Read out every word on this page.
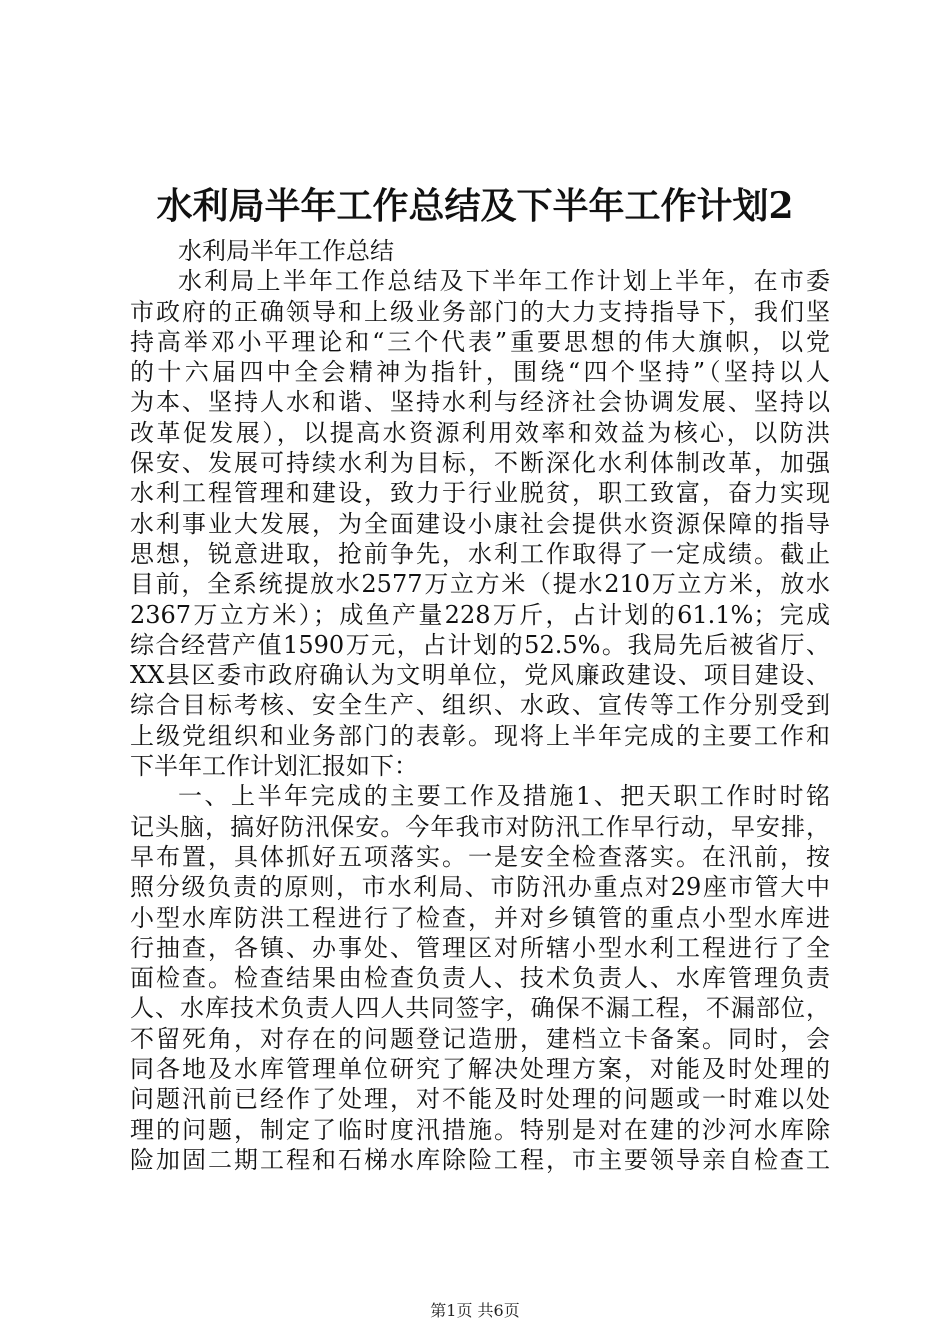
水利局半年工作总结及下半年工作计划2
水利局半年工作总结
水利局上半年工作总结及下半年工作计划上半年，在市委
市政府的正确领导和上级业务部门的大力支持指导下，我们坚
持高举邓小平理论和“三个代表”重要思想的伟大旗帜，以党
的十六届四中全会精神为指针，围绕“四个坚持”（坚持以人
为本、坚持人水和谐、坚持水利与经济社会协调发展、坚持以
改革促发展），以提高水资源利用效率和效益为核心，以防洪
保安、发展可持续水利为目标，不断深化水利体制改革，加强
水利工程管理和建设，致力于行业脱贫，职工致富，奋力实现
水利事业大发展，为全面建设小康社会提供水资源保障的指导
思想，锐意进取，抢前争先，水利工作取得了一定成绩。截止
目前，全系统提放水2577万立方米（提水210万立方米，放水
2367万立方米）；成鱼产量228万斤，占计划的61.1%；完成
综合经营产值1590万元，占计划的52.5%。我局先后被省厅、
XX县区委市政府确认为文明单位，党风廉政建设、项目建设、
综合目标考核、安全生产、组织、水政、宣传等工作分别受到
上级党组织和业务部门的表彰。现将上半年完成的主要工作和
下半年工作计划汇报如下：
一、上半年完成的主要工作及措施1、把天职工作时时铭
记头脑，搞好防汛保安。今年我市对防汛工作早行动，早安排，
早布置，具体抓好五项落实。一是安全检查落实。在汛前，按
照分级负责的原则，市水利局、市防汛办重点对29座市管大中
小型水库防洪工程进行了检查，并对乡镇管的重点小型水库进
行抽查，各镇、办事处、管理区对所辖小型水利工程进行了全
面检查。检查结果由检查负责人、技术负责人、水库管理负责
人、水库技术负责人四人共同签字，确保不漏工程，不漏部位，
不留死角，对存在的问题登记造册，建档立卡备案。同时，会
同各地及水库管理单位研究了解决处理方案，对能及时处理的
问题汛前已经作了处理，对不能及时处理的问题或一时难以处
理的问题，制定了临时度汛措施。特别是对在建的沙河水库除
险加固二期工程和石梯水库除险工程，市主要领导亲自检查工
第1页 共6页
